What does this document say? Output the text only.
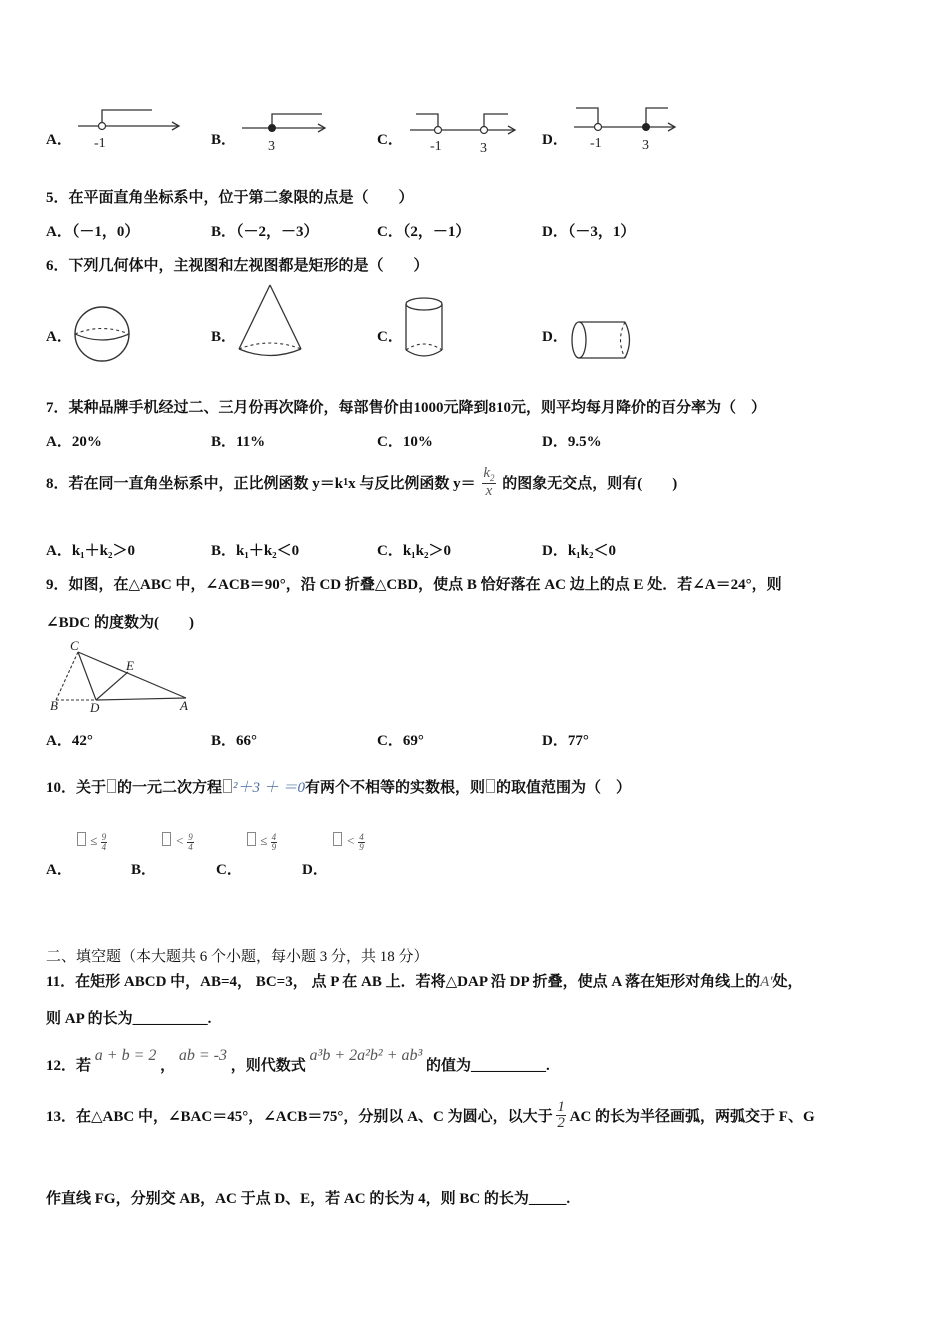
A． -1	B． 3	C． -1	3
D． -1	3
5．在平面直角坐标系中，位于第二象限的点是（　　）
A．（－1，0）	B．（－2，－3）	C．（2，－1）	D．（－3，1）
6．下列几何体中，主视图和左视图都是矩形的是（　　）
A．	B．	C．	D．
7．某种品牌手机经过二、三月份再次降价，每部售价由1000元降到810元，则平均每月降价的百分率为（　）
A．20%	B．11%	C．10%	D．9.5%
8．若在同一直角坐标系中，正比例函数 y＝k1x 与反比例函数 $y= \frac{k_2}{x}$ 的图象无交点，则有(　　)
A．k₁＋k₂＞0	B．k₁＋k₂＜0	C．k₁k₂＞0	D．k₁k₂＜0
9．如图，在△ABC 中，∠ACB＝90°，沿 CD 折叠△CBD，使点 B 恰好落在 AC 边上的点 E 处．若∠A＝24°，则
∠BDC 的度数为(　　)
C
E
B D	A
A．42°	B．66°	C．69°	D．77°
10．关于 的一元二次方程 ²＋3 ＋ ＝0有两个不相等的实数根，则 的取值范围为（　）
A．
≤ $\frac{9}{4}$
B．
< $\frac{9}{4}$
C．
≤ $\frac{4}{9}$
D．
< $\frac{4}{9}$
二、填空题（本大题共 6 个小题，每小题 3 分，共 18 分）
11．在矩形 ABCD 中，AB=4， BC=3， 点 P 在 AB 上．若将△DAP 沿 DP 折叠，使点 A 落在矩形对角线上的A′处，
则 AP 的长为__________.
12．若 a + b = 2 ， ab = -3 ，则代数式 a³b + 2a²b² + ab³ 的值为__________.
13．在△ABC 中，∠BAC＝45°，∠ACB＝75°，分别以 A、C 为圆心，以大于 $\frac{1}{2}$ AC 的长为半径画弧，两弧交于 F、G
作直线 FG，分别交 AB，AC 于点 D、E，若 AC 的长为 4，则 BC 的长为_____.
